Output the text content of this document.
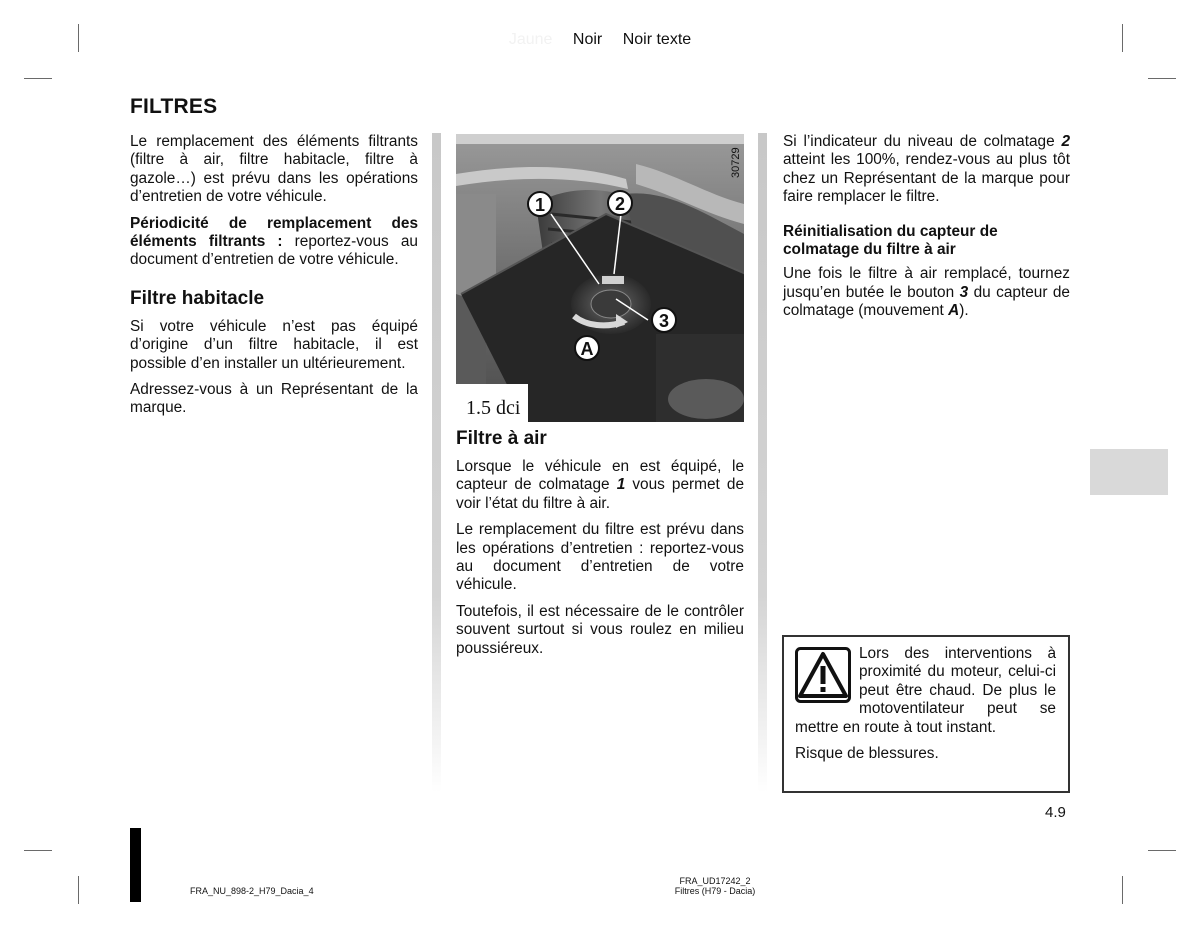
Jaune Noir Noir texte
FILTRES

Le remplacement des éléments filtrants (filtre à air, filtre habitacle, filtre à gazole…) est prévu dans les opérations d’entretien de votre véhicule.

Périodicité de remplacement des éléments filtrants : reportez-vous au document d’entretien de votre véhicule.

Filtre habitacle

Si votre véhicule n’est pas équipé d’origine d’un filtre habitacle, il est possible d’en installer un ultérieurement.

Adressez-vous à un Représentant de la marque.	1.5 dci
1	2
3
A
30729
Filtre à air

Lorsque le véhicule en est équipé, le capteur de colmatage 1 vous permet de voir l’état du filtre à air.

Le remplacement du filtre est prévu dans les opérations d’entretien : reportez-vous au document d’entretien de votre véhicule.

Toutefois, il est nécessaire de le contrôler souvent surtout si vous roulez en milieu poussiéreux.

Si l’indicateur du niveau de colmatage 2 atteint les 100%, rendez-vous au plus tôt chez un Représentant de la marque pour faire remplacer le filtre.

Réinitialisation du capteur de colmatage du filtre à air

Une fois le filtre à air remplacé, tournez jusqu’en butée le bouton 3 du capteur de colmatage (mouvement A).

Lors des interventions à proximité du moteur, celui-ci peut être chaud. De plus le motoventilateur peut se mettre en route à tout instant.

Risque de blessures.

4.9
FRA_NU_898-2_H79_Dacia_4
FRA_UD17242_2
Filtres (H79 - Dacia)
